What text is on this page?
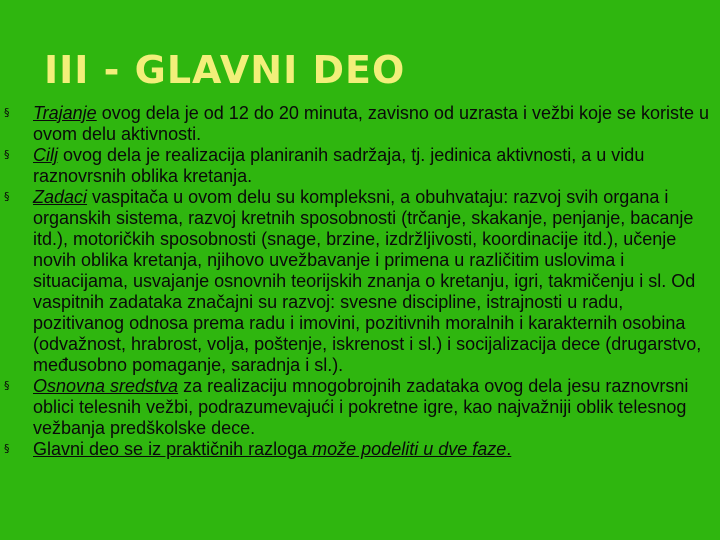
III - GLAVNI DEO
§ Trajanje ovog dela je od 12 do 20 minuta, zavisno od uzrasta i vežbi koje se koriste u ovom delu aktivnosti.
§ Cilj ovog dela je realizacija planiranih sadržaja, tj. jedinica aktivnosti, a u vidu raznovrsnih oblika kretanja.
§ Zadaci vaspitača u ovom delu su kompleksni, a obuhvataju: razvoj svih organa i organskih sistema, razvoj kretnih sposobnosti (trčanje, skakanje, penjanje, bacanje itd.), motoričkih sposobnosti (snage, brzine, izdržljivosti, koordinacije itd.), učenje novih oblika kretanja, njihovo uvežbavanje i primena u različitim uslovima i situacijama, usvajanje osnovnih teorijskih znanja o kretanju, igri, takmičenju i sl. Od vaspitnih zadataka značajni su razvoj: svesne discipline, istrajnosti u radu, pozitivanog odnosa prema radu i imovini, pozitivnih moralnih i karakternih osobina (odvažnost, hrabrost, volja, poštenje, iskrenost i sl.) i socijalizacija dece (drugarstvo, međusobno pomaganje, saradnja i sl.).
§ Osnovna sredstva za realizaciju mnogobrojnih zadataka ovog dela jesu raznovrsni oblici telesnih vežbi, podrazumevajući i pokretne igre, kao najvažniji oblik telesnog vežbanja predškolske dece.
§ Glavni deo se iz praktičnih razloga može podeliti u dve faze.
